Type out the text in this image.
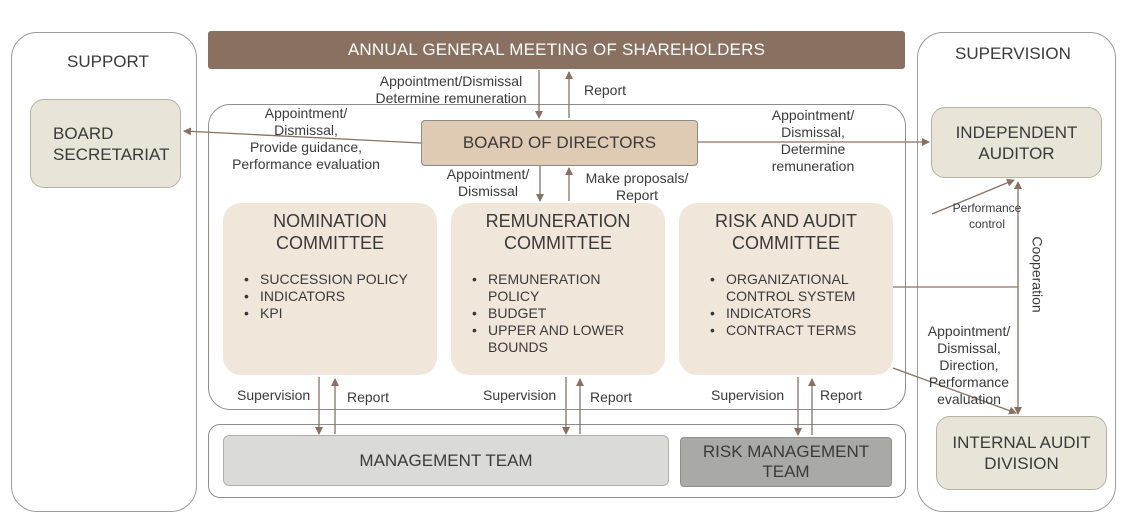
SUPPORT	SUPERVISION
ANNUAL GENERAL MEETING OF SHAREHOLDERS
BOARD OF DIRECTORS
BOARD
SECRETARIAT
INDEPENDENT
AUDITOR
INTERNAL AUDIT
DIVISION
NOMINATION
COMMITTEE
• SUCCESSION POLICY
• INDICATORS
• KPI
REMUNERATION
COMMITTEE
• REMUNERATION POLICY
• BUDGET
• UPPER AND LOWER BOUNDS
RISK AND AUDIT
COMMITTEE
• ORGANIZATIONAL CONTROL SYSTEM
• INDICATORS
• CONTRACT TERMS
MANAGEMENT TEAM	RISK MANAGEMENT
TEAM
Appointment/Dismissal
Determine remuneration	Report
Appointment/
Dismissal,
Provide guidance,
Performance evaluation
Appointment/
Dismissal,
Determine
remuneration
Appointment/
Dismissal
Make proposals/
Report
Supervision	Report	Supervision Report	Supervision	Report
Performance
control
Cooperation
Appointment/
Dismissal,
Direction,
Performance
evaluation
